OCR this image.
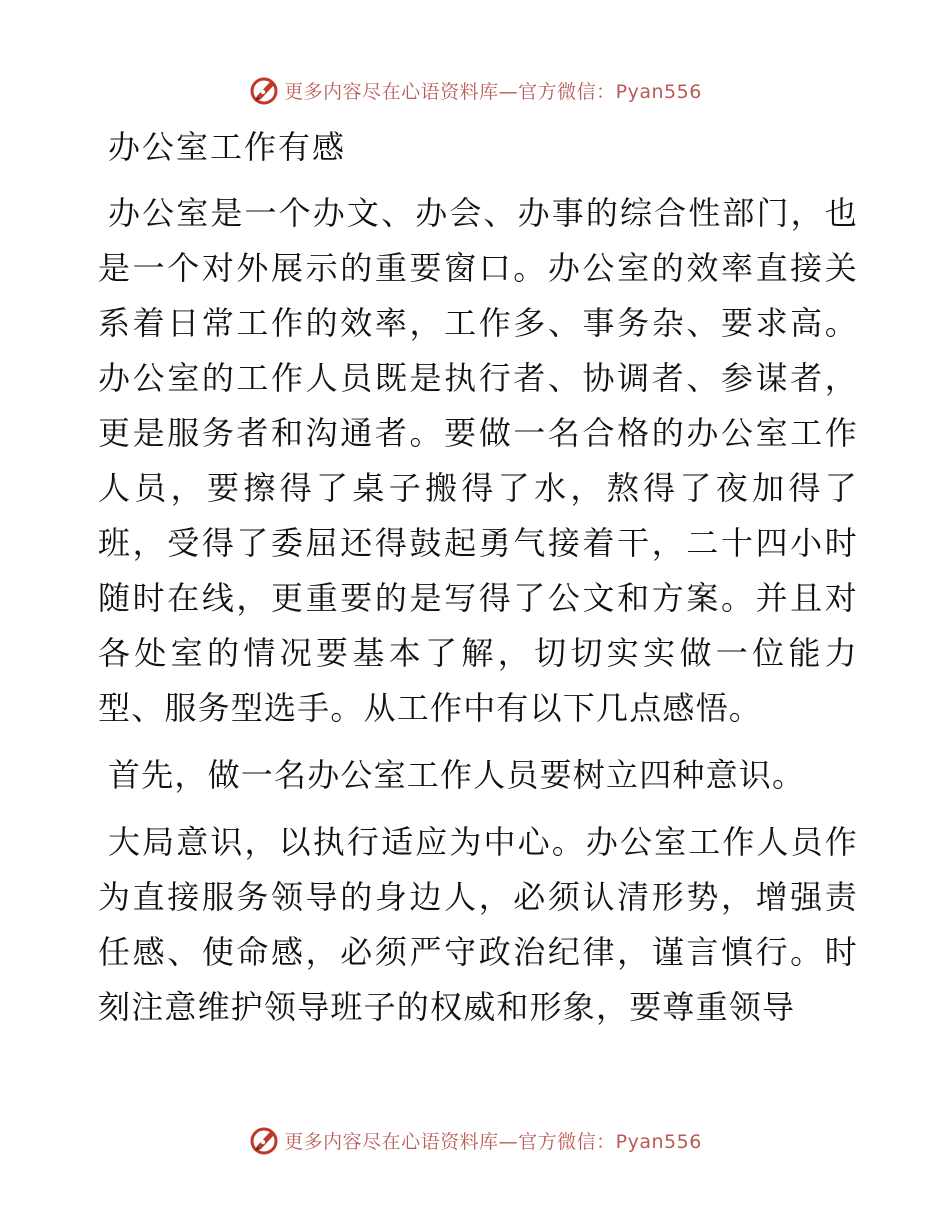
更多内容尽在心语资料库—官方微信：Pyan556
办公室工作有感

办公室是一个办文、办会、办事的综合性部门，也是一个对外展示的重要窗口。办公室的效率直接关系着日常工作的效率，工作多、事务杂、要求高。办公室的工作人员既是执行者、协调者、参谋者，更是服务者和沟通者。要做一名合格的办公室工作人员，要擦得了桌子搬得了水，熬得了夜加得了班，受得了委屈还得鼓起勇气接着干，二十四小时随时在线，更重要的是写得了公文和方案。并且对各处室的情况要基本了解，切切实实做一位能力型、服务型选手。从工作中有以下几点感悟。

首先，做一名办公室工作人员要树立四种意识。

大局意识，以执行适应为中心。办公室工作人员作为直接服务领导的身边人，必须认清形势，增强责任感、使命感，必须严守政治纪律，谨言慎行。时刻注意维护领导班子的权威和形象，要尊重领导

更多内容尽在心语资料库—官方微信：Pyan556
